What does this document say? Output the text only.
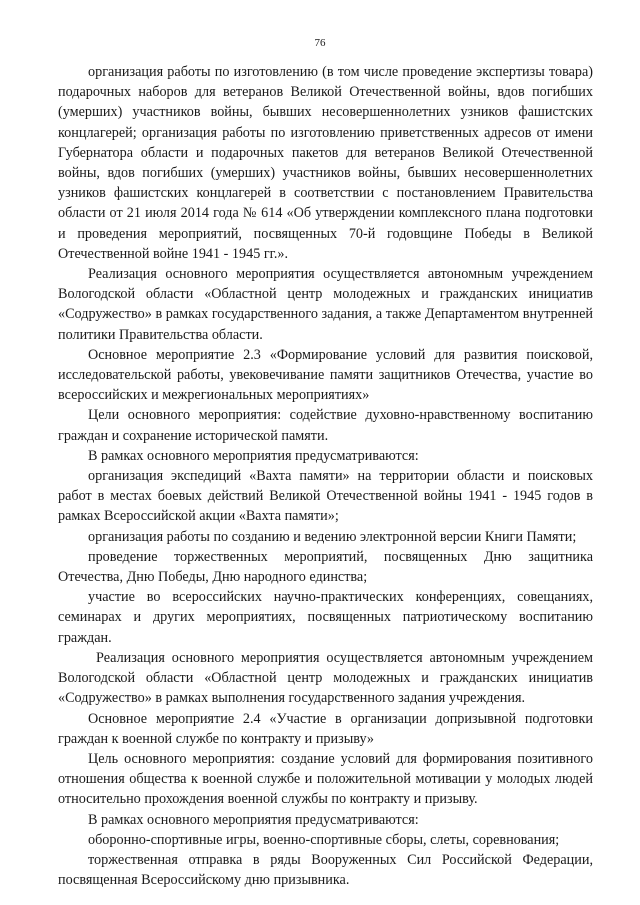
76

организация работы по изготовлению (в том числе проведение экспертизы товара) подарочных наборов для ветеранов Великой Отечественной войны, вдов погибших (умерших) участников войны, бывших несовершеннолетних узников фашистских концлагерей; организация работы по изготовлению приветственных адресов от имени Губернатора области и подарочных пакетов для ветеранов Великой Отечественной войны, вдов погибших (умерших) участников войны, бывших несовершеннолетних узников фашистских концлагерей в соответствии с постановлением Правительства области от 21 июля 2014 года № 614 «Об утверждении комплексного плана подготовки и проведения мероприятий, посвященных 70-й годовщине Победы в Великой Отечественной войне 1941 - 1945 гг.».

Реализация основного мероприятия осуществляется автономным учреждением Вологодской области «Областной центр молодежных и гражданских инициатив «Содружество» в рамках государственного задания, а также Департаментом внутренней политики Правительства области.

Основное мероприятие 2.3 «Формирование условий для развития поисковой, исследовательской работы, увековечивание памяти защитников Отечества, участие во всероссийских и межрегиональных мероприятиях»

Цели основного мероприятия: содействие духовно-нравственному воспитанию граждан и сохранение исторической памяти.

В рамках основного мероприятия предусматриваются:

организация экспедиций «Вахта памяти» на территории области и поисковых работ в местах боевых действий Великой Отечественной войны 1941 - 1945 годов в рамках Всероссийской акции «Вахта памяти»;

организация работы по созданию и ведению электронной версии Книги Памяти;

проведение торжественных мероприятий, посвященных Дню защитника Отечества, Дню Победы, Дню народного единства;

участие во всероссийских научно-практических конференциях, совещаниях, семинарах и других мероприятиях, посвященных патриотическому воспитанию граждан.

Реализация основного мероприятия осуществляется автономным учреждением Вологодской области «Областной центр молодежных и гражданских инициатив «Содружество» в рамках выполнения государственного задания учреждения.

Основное мероприятие 2.4 «Участие в организации допризывной подготовки граждан к военной службе по контракту и призыву»

Цель основного мероприятия: создание условий для формирования позитивного отношения общества к военной службе и положительной мотивации у молодых людей относительно прохождения военной службы по контракту и призыву.

В рамках основного мероприятия предусматриваются:

оборонно-спортивные игры, военно-спортивные сборы, слеты, соревнования;

торжественная отправка в ряды Вооруженных Сил Российской Федерации, посвященная Всероссийскому дню призывника.
